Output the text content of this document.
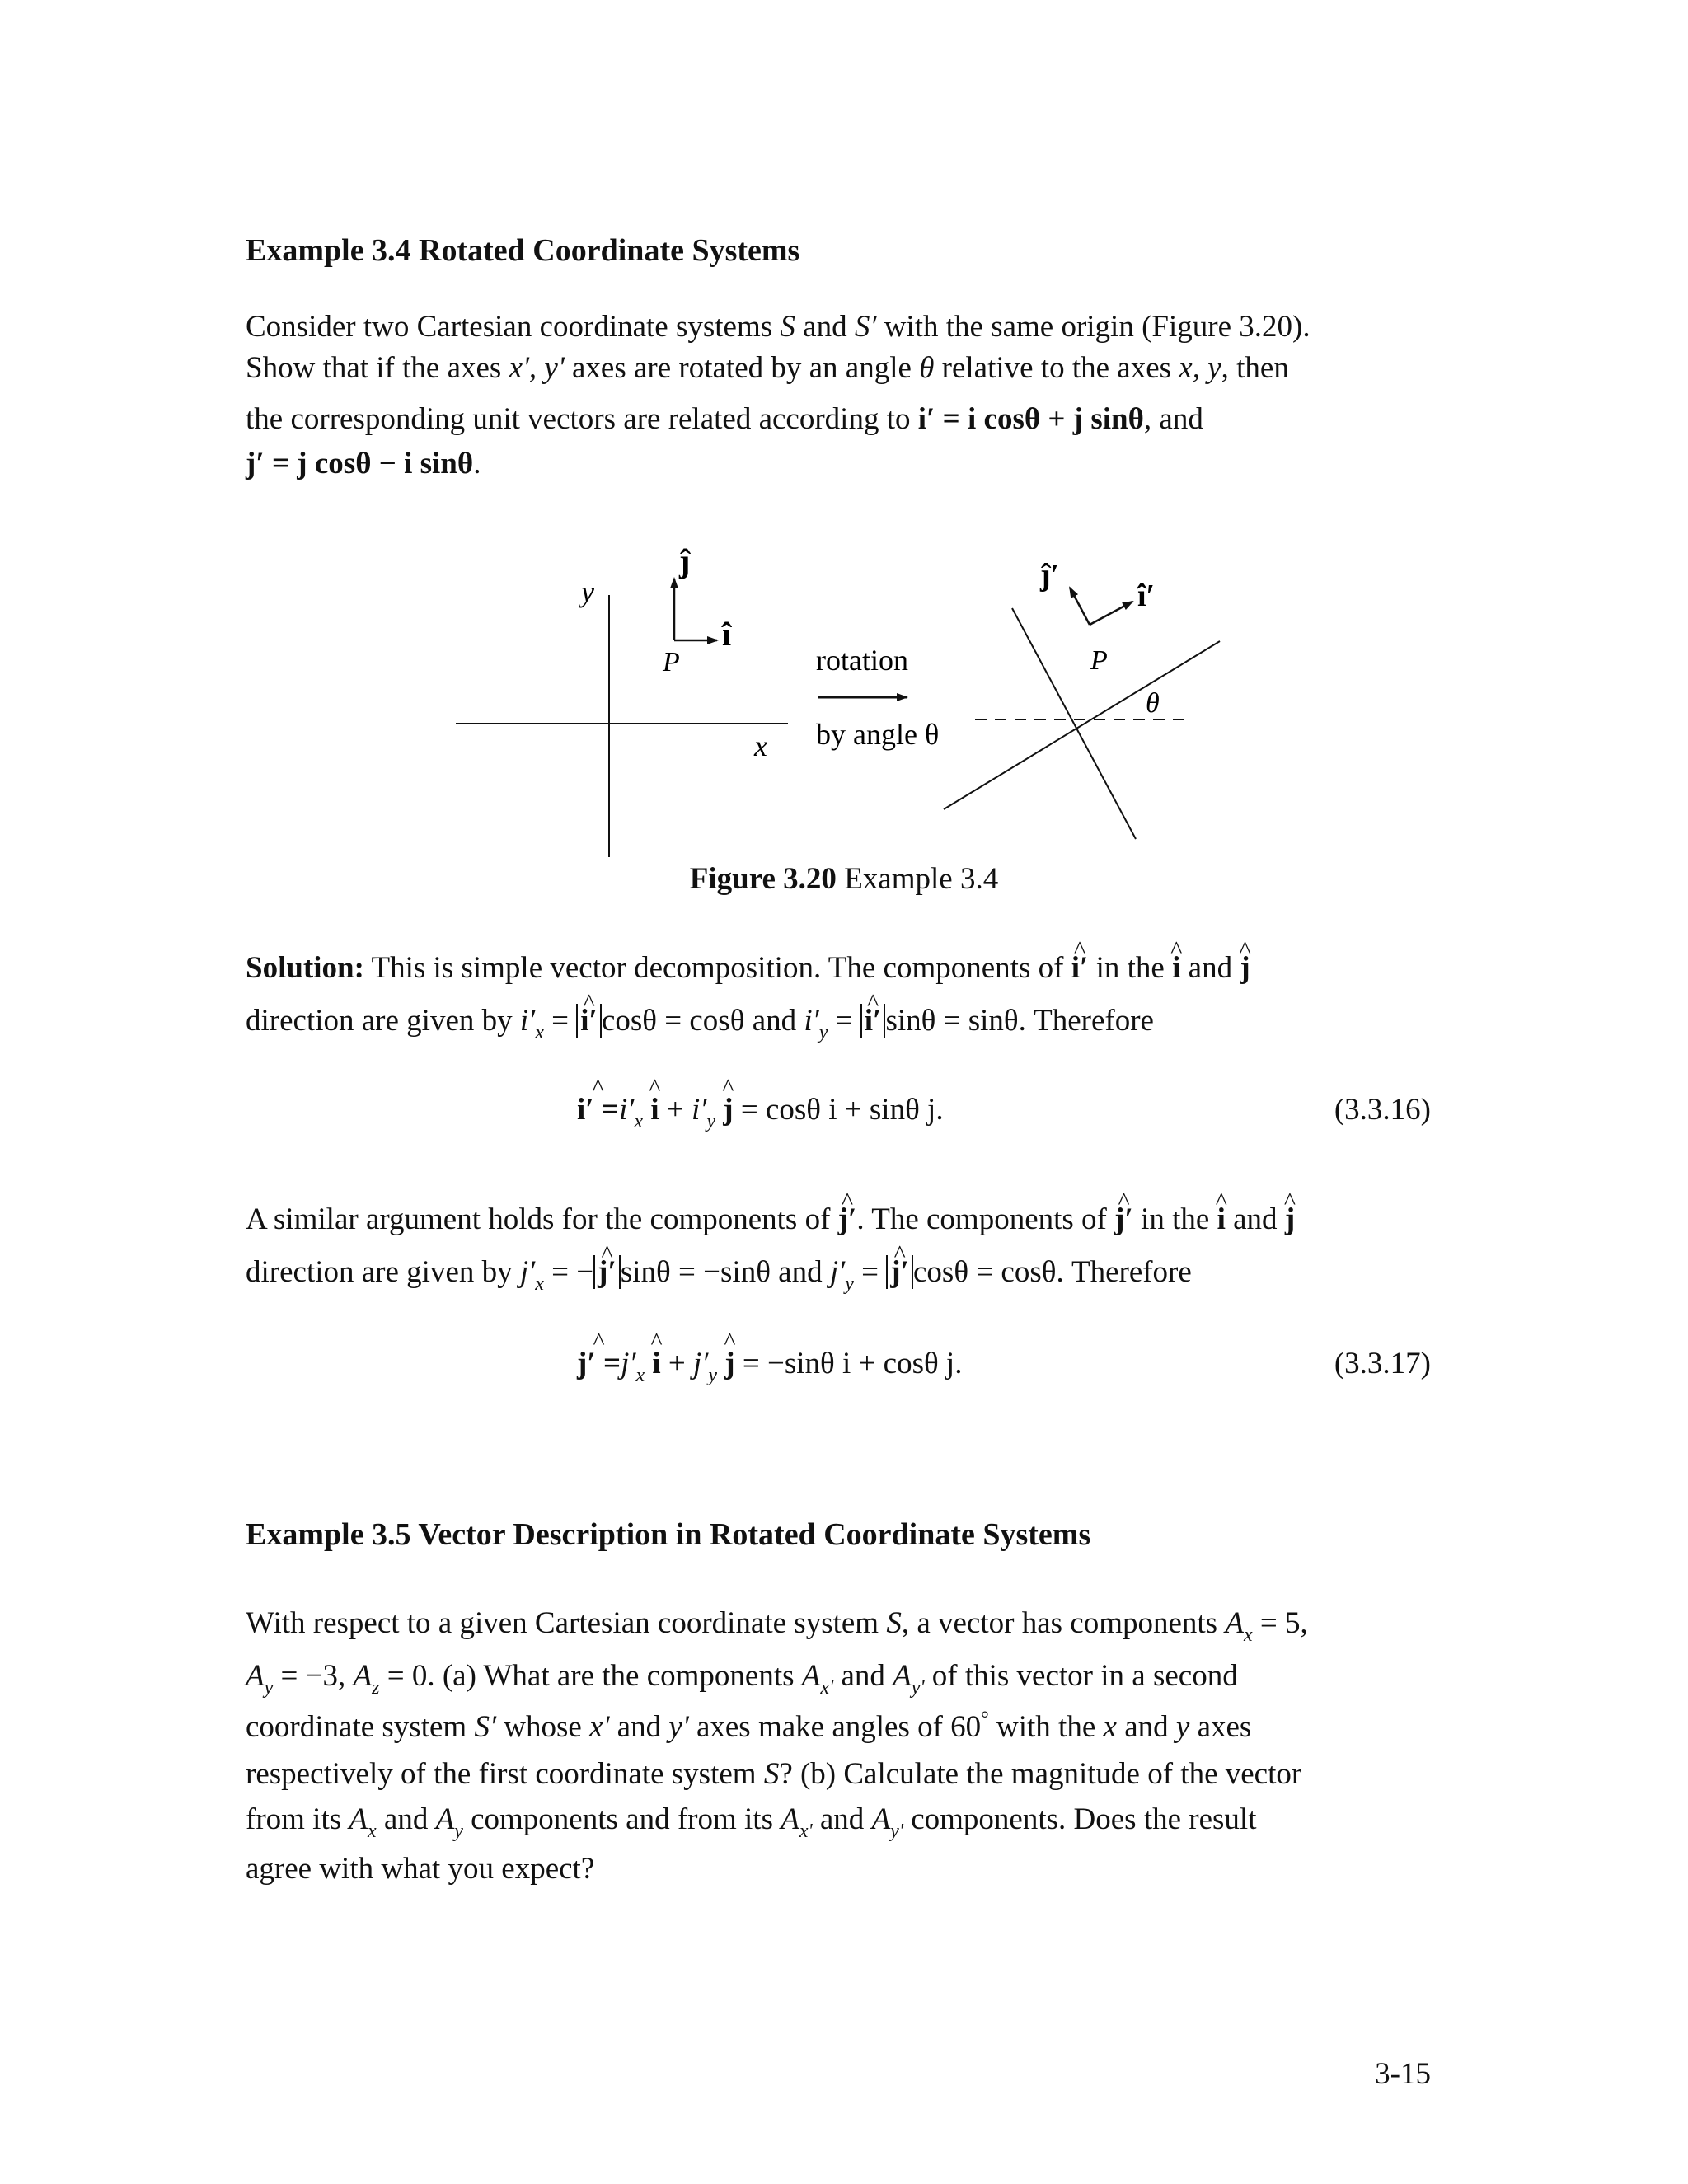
Example 3.4 Rotated Coordinate Systems
Consider two Cartesian coordinate systems S and S′ with the same origin (Figure 3.20).
Show that if the axes x', y' axes are rotated by an angle θ relative to the axes x, y, then
the corresponding unit vectors are related according to i′ = i cosθ + j sinθ, and
j′ = j cosθ − i sinθ.
y
x
P
î
ĵ
rotation
by angle θ
θ
P
î′
ĵ′
Figure 3.20 Example 3.4
Solution: This is simple vector decomposition. The components of ^ i′ in the ^ i and ^ j
direction are given by $i'_x$ = ^ i′ cosθ = cosθ and $i'_y$ = ^ i′ sinθ = sinθ. Therefore
^ $i' =i'_x$ ^ $i + i'_y$ ^ j = cosθ i + sinθ j.	(3.3.16)
A similar argument holds for the components of ^ j′. The components of ^ j′ in the ^ i and ^ j
direction are given by $j'_x$ = − ^ j′ sinθ = −sinθ and $j'_y$ = ^ j′ cosθ = cosθ. Therefore
^ $j' =j'_x$ ^ $i + j'_y$ ^ j = −sinθ i + cosθ j.	(3.3.17)
Example 3.5 Vector Description in Rotated Coordinate Systems
With respect to a given Cartesian coordinate system S, a vector has components $A_x = 5$,
$A_y = -3$, $A_z = 0$. (a) What are the components $A_{x'}$ and $A_{y'}$ of this vector in a second
coordinate system S′ whose x' and y' axes make angles of 60° with the x and y axes
respectively of the first coordinate system S? (b) Calculate the magnitude of the vector
from its $A_x$ and $A_y$ components and from its $A_{x'}$ and $A_{y'}$ components. Does the result
agree with what you expect?
3-15
